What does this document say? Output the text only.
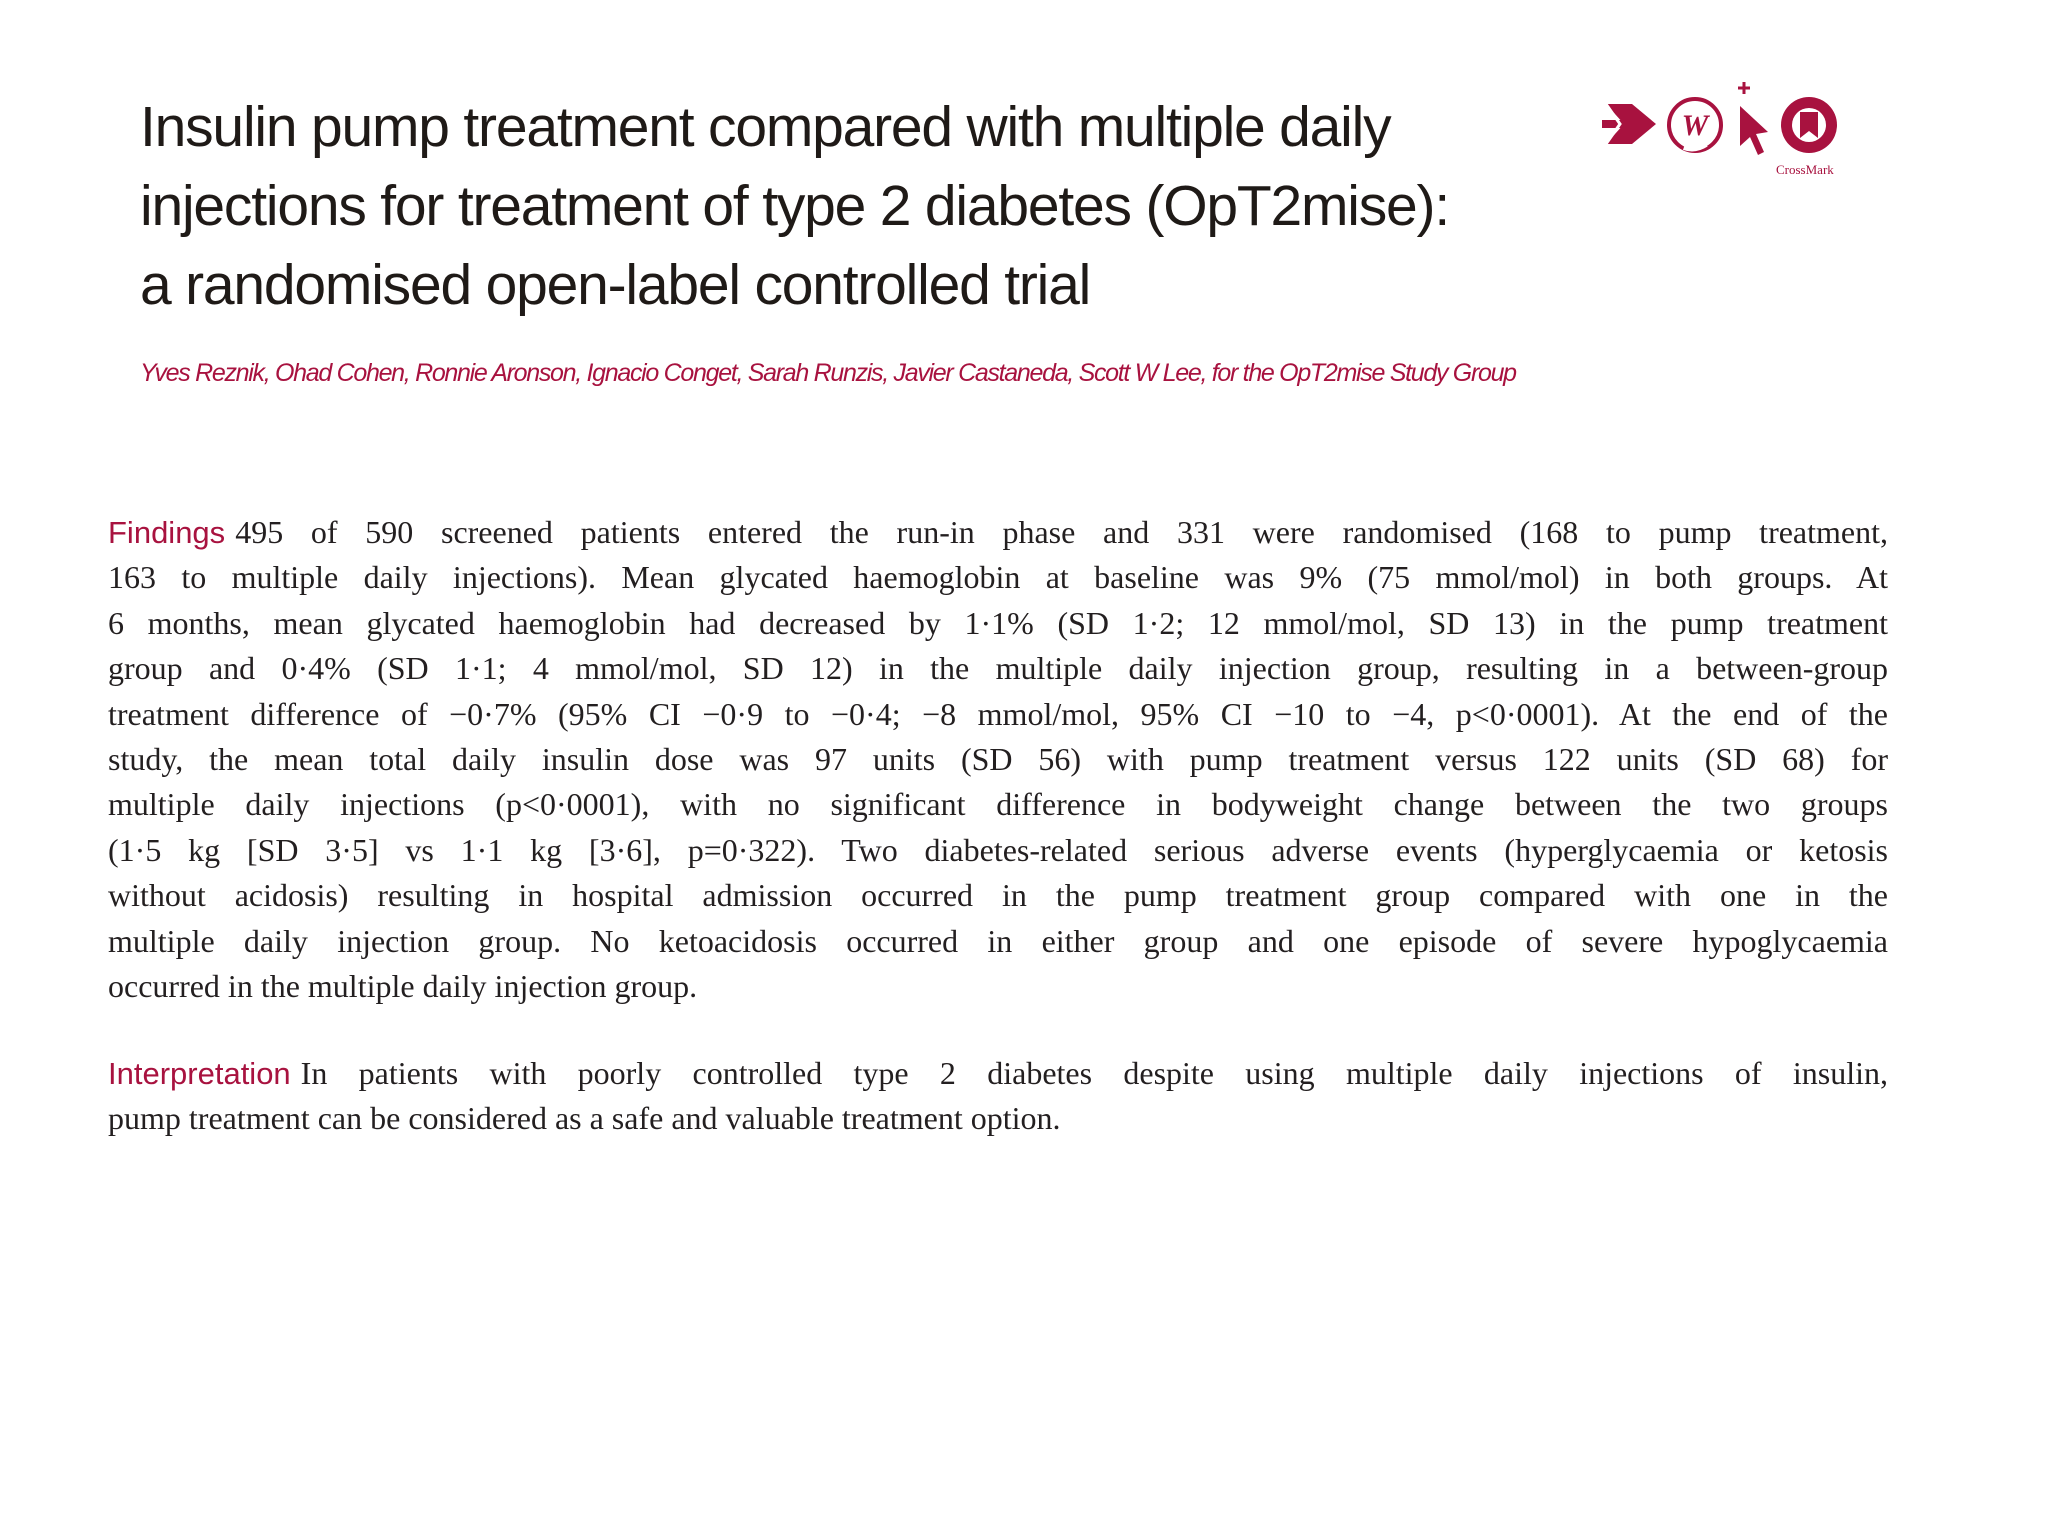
Insulin pump treatment compared with multiple daily
injections for treatment of type 2 diabetes (OpT2mise):
a randomised open-label controlled trial

Yves Reznik, Ohad Cohen, Ronnie Aronson, Ignacio Conget, Sarah Runzis, Javier Castaneda, Scott W Lee, for the OpT2mise Study Group

W
CrossMark

Findings 495 of 590 screened patients entered the run-in phase and 331 were randomised (168 to pump treatment,
163 to multiple daily injections). Mean glycated haemoglobin at baseline was 9% (75 mmol/mol) in both groups. At
6 months, mean glycated haemoglobin had decreased by 1·1% (SD 1·2; 12 mmol/mol, SD 13) in the pump treatment
group and 0·4% (SD 1·1; 4 mmol/mol, SD 12) in the multiple daily injection group, resulting in a between-group
treatment difference of −0·7% (95% CI −0·9 to −0·4; −8 mmol/mol, 95% CI −10 to −4, p<0·0001). At the end of the
study, the mean total daily insulin dose was 97 units (SD 56) with pump treatment versus 122 units (SD 68) for
multiple daily injections (p<0·0001), with no significant difference in bodyweight change between the two groups
(1·5 kg [SD 3·5] vs 1·1 kg [3·6], p=0·322). Two diabetes-related serious adverse events (hyperglycaemia or ketosis
without acidosis) resulting in hospital admission occurred in the pump treatment group compared with one in the
multiple daily injection group. No ketoacidosis occurred in either group and one episode of severe hypoglycaemia
occurred in the multiple daily injection group.

Interpretation In patients with poorly controlled type 2 diabetes despite using multiple daily injections of insulin,
pump treatment can be considered as a safe and valuable treatment option.
